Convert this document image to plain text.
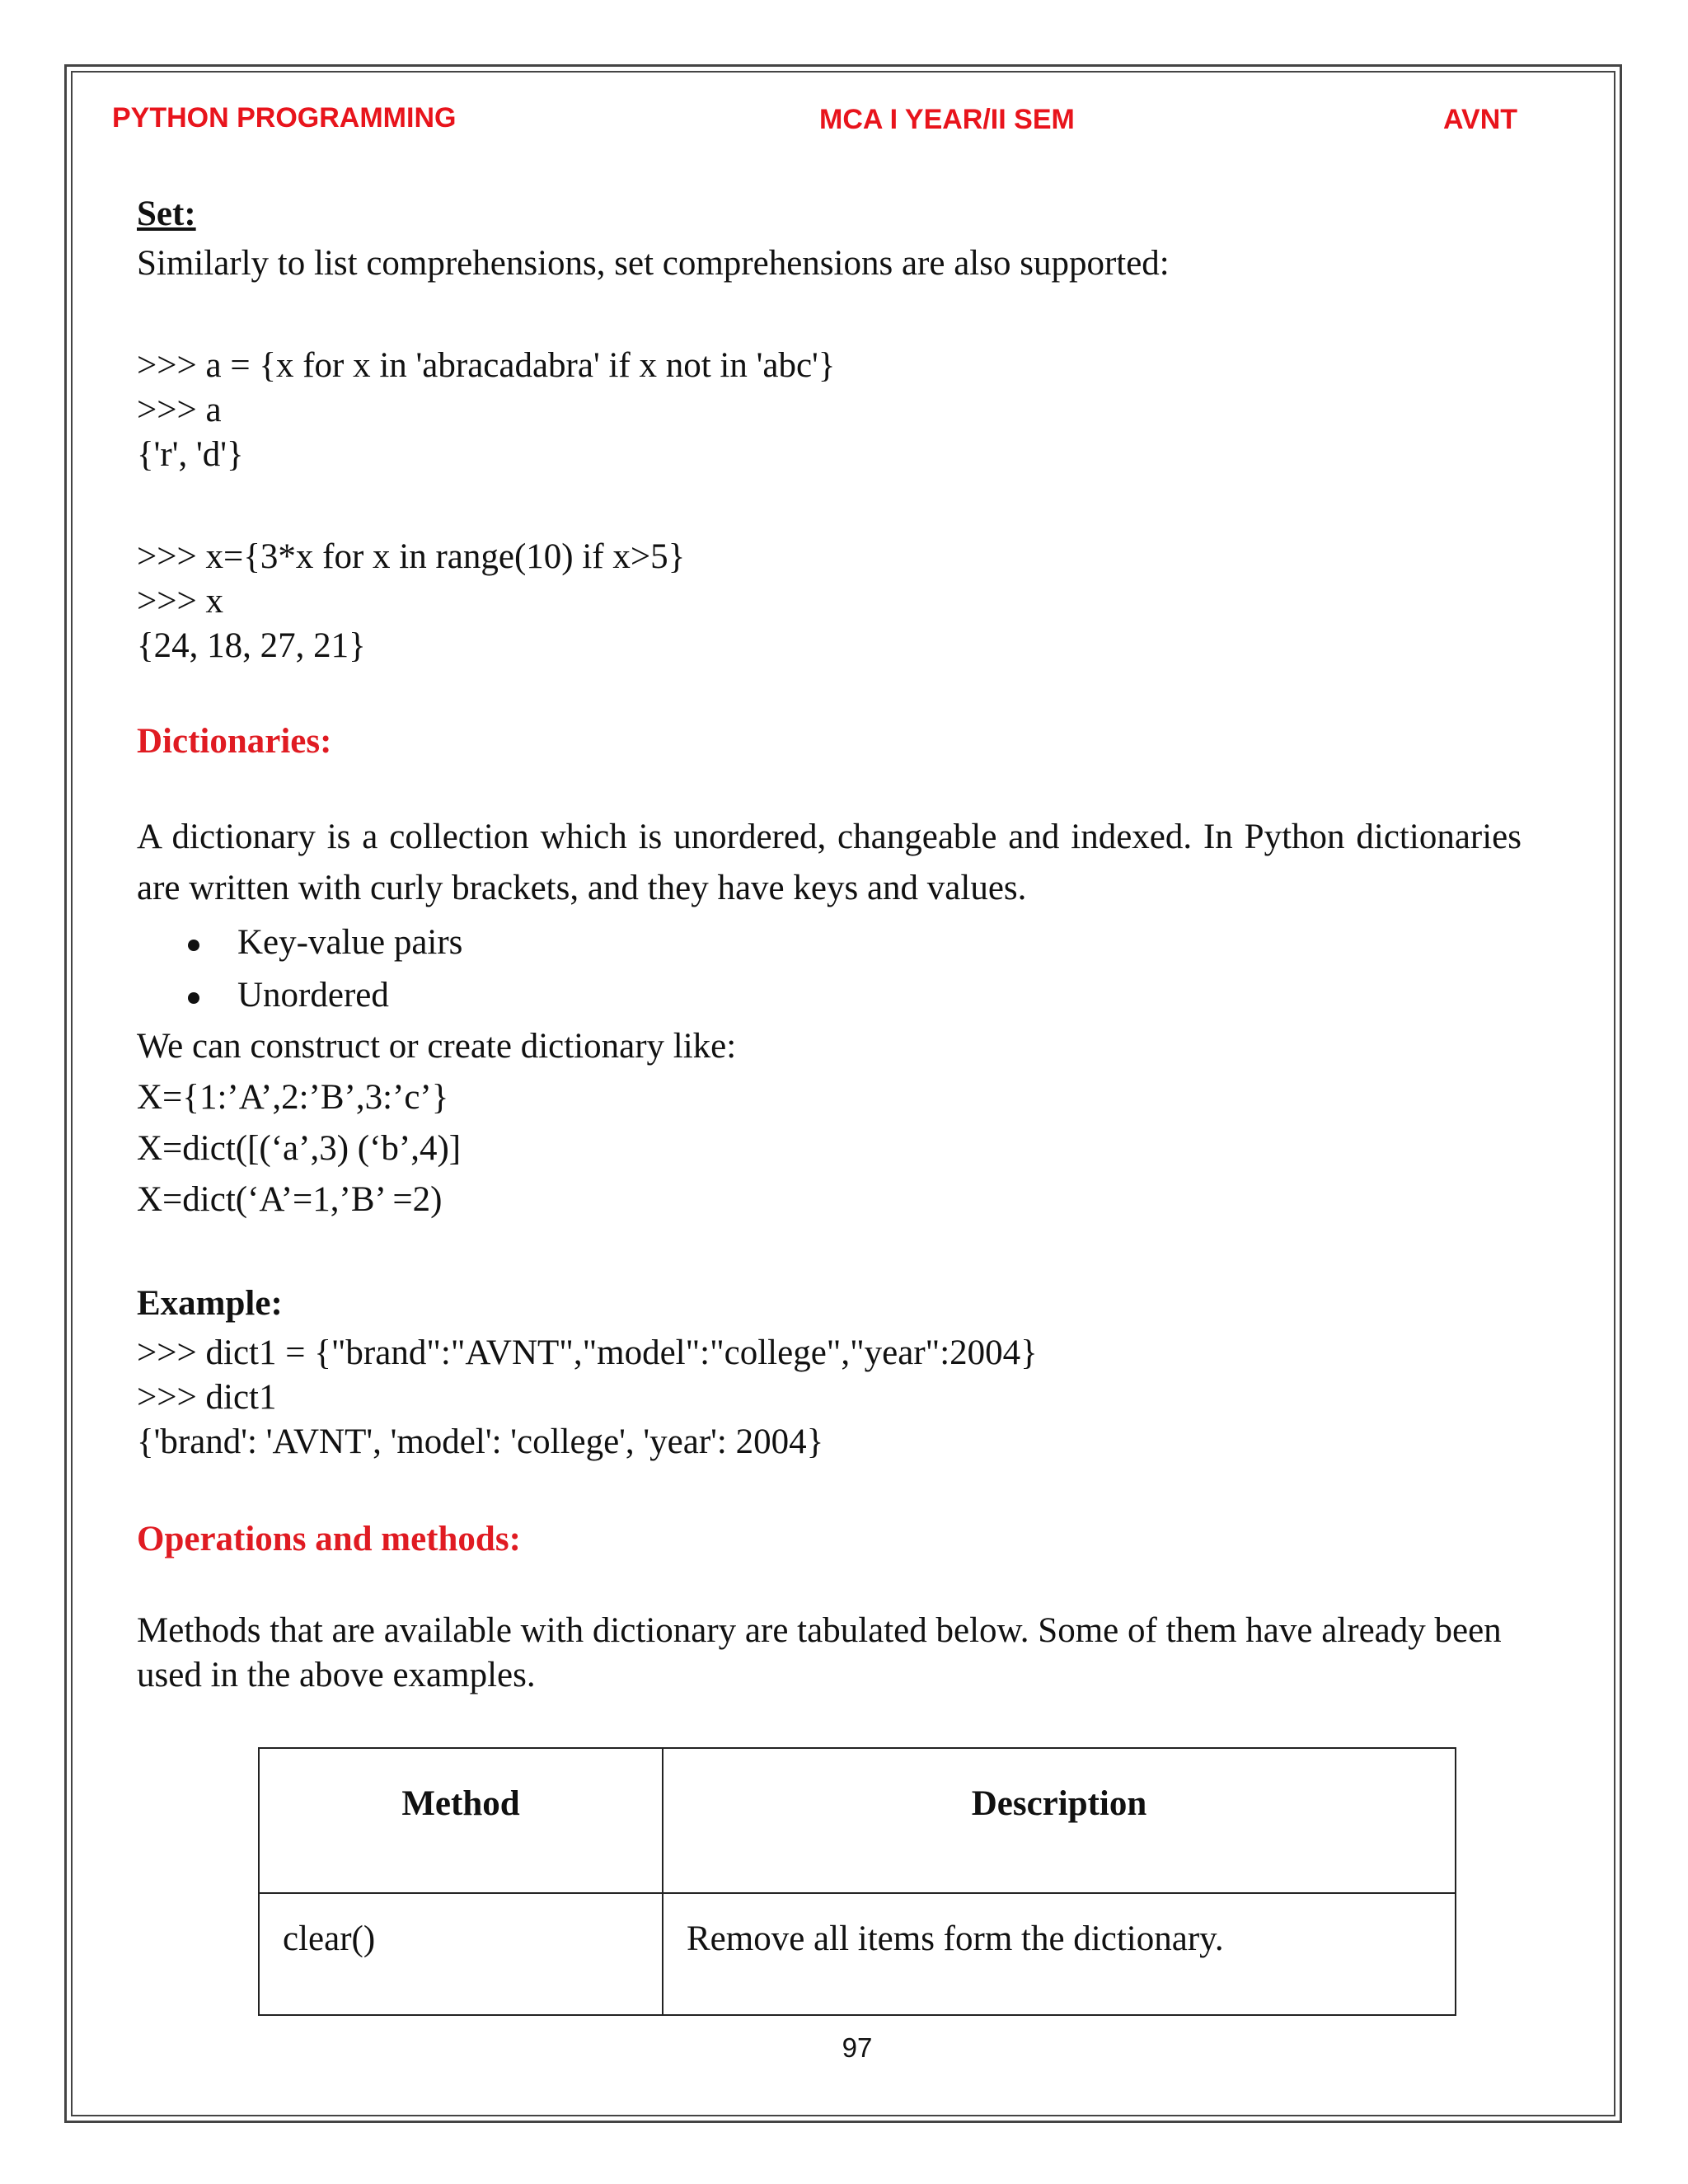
PYTHON PROGRAMMING	MCA I YEAR/II SEM	AVNT
Set:
Similarly to list comprehensions, set comprehensions are also supported:
>>> a = {x for x in 'abracadabra' if x not in 'abc'}
>>> a
{'r', 'd'}
>>> x={3*x for x in range(10) if x>5}
>>> x
{24, 18, 27, 21}
Dictionaries:
A dictionary is a collection which is unordered, changeable and indexed. In Python dictionaries are written with curly brackets, and they have keys and values.
Key-value pairs
Unordered
We can construct or create dictionary like:
X={1:’A’,2:’B’,3:’c’}
X=dict([(‘a’,3) (‘b’,4)]
X=dict(‘A’=1,’B’ =2)
Example:
>>> dict1 = {"brand":"AVNT","model":"college","year":2004}
>>> dict1
{'brand': 'AVNT', 'model': 'college', 'year': 2004}
Operations and methods:
Methods that are available with dictionary are tabulated below. Some of them have already been used in the above examples.
Method	Description
clear()	Remove all items form the dictionary.
97
